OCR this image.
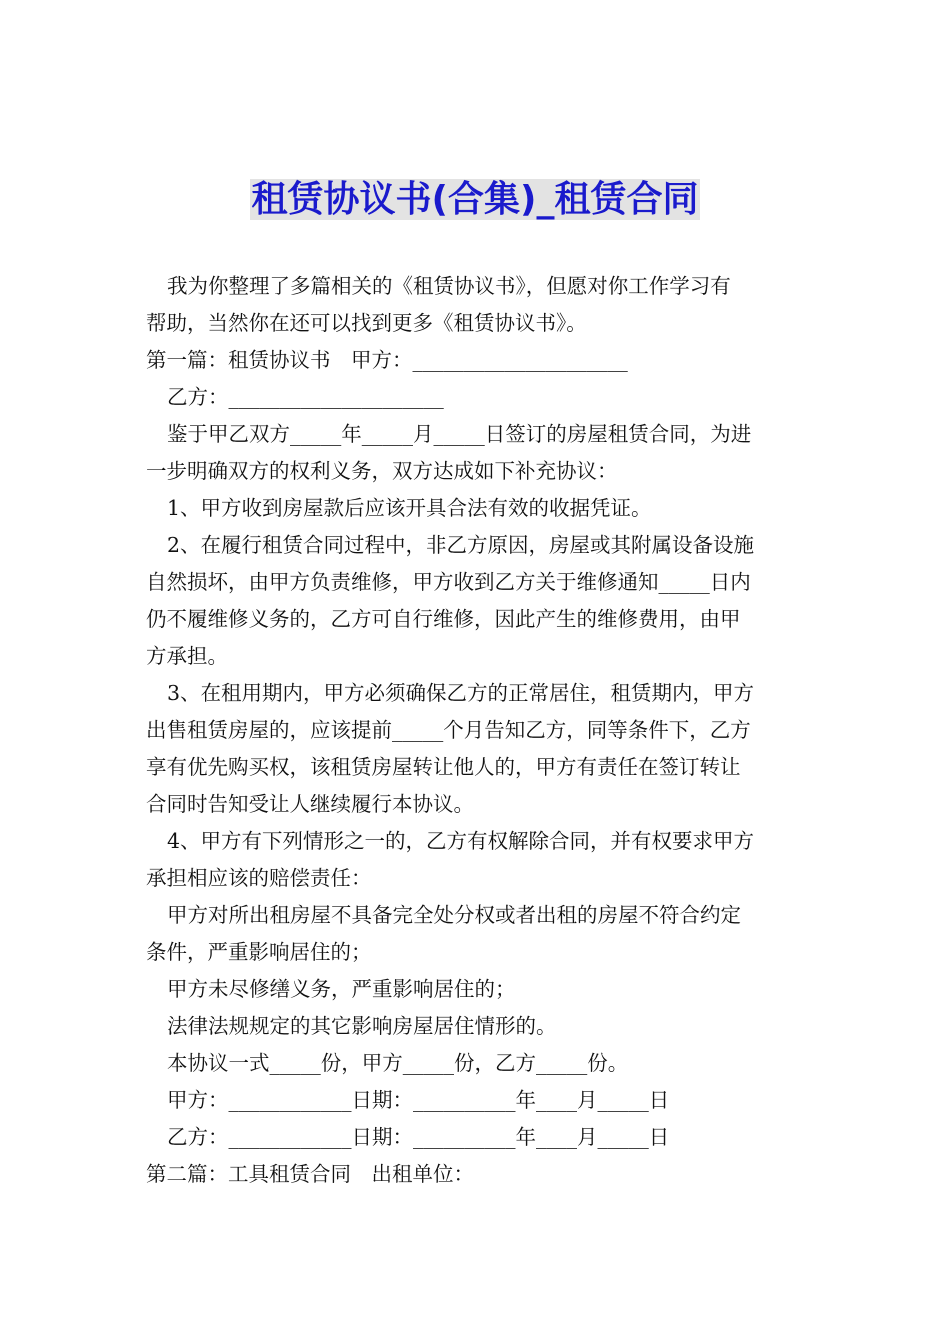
租赁协议书(合集)_租赁合同

我为你整理了多篇相关的《租赁协议书》，但愿对你工作学习有

帮助，当然你在还可以找到更多《租赁协议书》。

第一篇：租赁协议书　甲方：_____________________

乙方：_____________________

鉴于甲乙双方_____年_____月_____日签订的房屋租赁合同，为进

一步明确双方的权利义务，双方达成如下补充协议：

1、甲方收到房屋款后应该开具合法有效的收据凭证。

2、在履行租赁合同过程中，非乙方原因，房屋或其附属设备设施

自然损坏，由甲方负责维修，甲方收到乙方关于维修通知_____日内

仍不履维修义务的，乙方可自行维修，因此产生的维修费用，由甲

方承担。

3、在租用期内，甲方必须确保乙方的正常居住，租赁期内，甲方

出售租赁房屋的，应该提前_____个月告知乙方，同等条件下，乙方

享有优先购买权，该租赁房屋转让他人的，甲方有责任在签订转让

合同时告知受让人继续履行本协议。

4、甲方有下列情形之一的，乙方有权解除合同，并有权要求甲方

承担相应该的赔偿责任：

甲方对所出租房屋不具备完全处分权或者出租的房屋不符合约定

条件，严重影响居住的；

甲方未尽修缮义务，严重影响居住的；

法律法规规定的其它影响房屋居住情形的。

本协议一式_____份，甲方_____份，乙方_____份。

甲方：____________日期：__________年____月_____日

乙方：____________日期：__________年____月_____日

第二篇：工具租赁合同　出租单位：
